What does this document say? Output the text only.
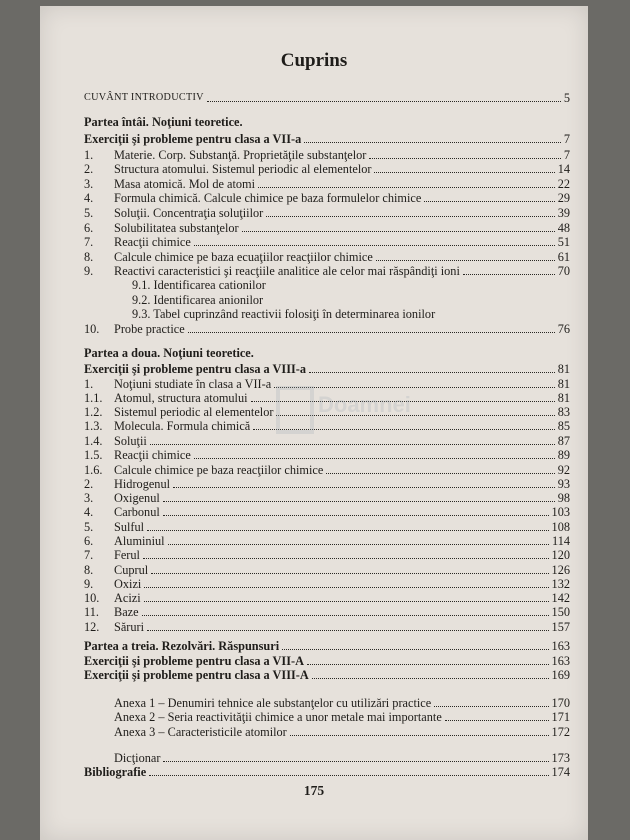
Cuprins
CUVÂNT INTRODUCTIV	5
Partea întâi. Noţiuni teoretice.
Exerciţii şi probleme pentru clasa a VII-a	7
1.	Materie. Corp. Substanţă. Proprietăţile substanţelor	7
2.	Structura atomului. Sistemul periodic al elementelor	14
3.	Masa atomică. Mol de atomi	22
4.	Formula chimică. Calcule chimice pe baza formulelor chimice	29
5.	Soluţii. Concentraţia soluţiilor	39
6.	Solubilitatea substanţelor	48
7.	Reacţii chimice	51
8.	Calcule chimice pe baza ecuaţiilor reacţiilor chimice	61
9.	Reactivi caracteristici şi reacţiile analitice ale celor mai răspândiţi ioni	70
9.1. Identificarea cationilor
9.2. Identificarea anionilor
9.3. Tabel cuprinzând reactivii folosiţi în determinarea ionilor
10.	Probe practice	76
Partea a doua. Noţiuni teoretice.
Exerciţii şi probleme pentru clasa a VIII-a	81
1.	Noţiuni studiate în clasa a VII-a	81
1.1. Atomul, structura atomului	81
1.2. Sistemul periodic al elementelor	83
1.3. Molecula. Formula chimică	85
1.4. Soluţii	87
1.5. Reacţii chimice	89
1.6. Calcule chimice pe baza reacţiilor chimice	92
2.	Hidrogenul	93
3.	Oxigenul	98
4.	Carbonul	103
5.	Sulful	108
6.	Aluminiul	114
7.	Ferul	120
8.	Cuprul	126
9.	Oxizi	132
10.	Acizi	142
11.	Baze	150
12.	Săruri	157
Partea a treia. Rezolvări. Răspunsuri	163
Exerciţii şi probleme pentru clasa a VII-A	163
Exerciţii şi probleme pentru clasa a VIII-A	169
Anexa 1 – Denumiri tehnice ale substanţelor cu utilizări practice	170
Anexa 2 – Seria reactivităţii chimice a unor metale mai importante	171
Anexa 3 – Caracteristicile atomilor	172
Dicţionar	173
Bibliografie	174
Doamnei
175
